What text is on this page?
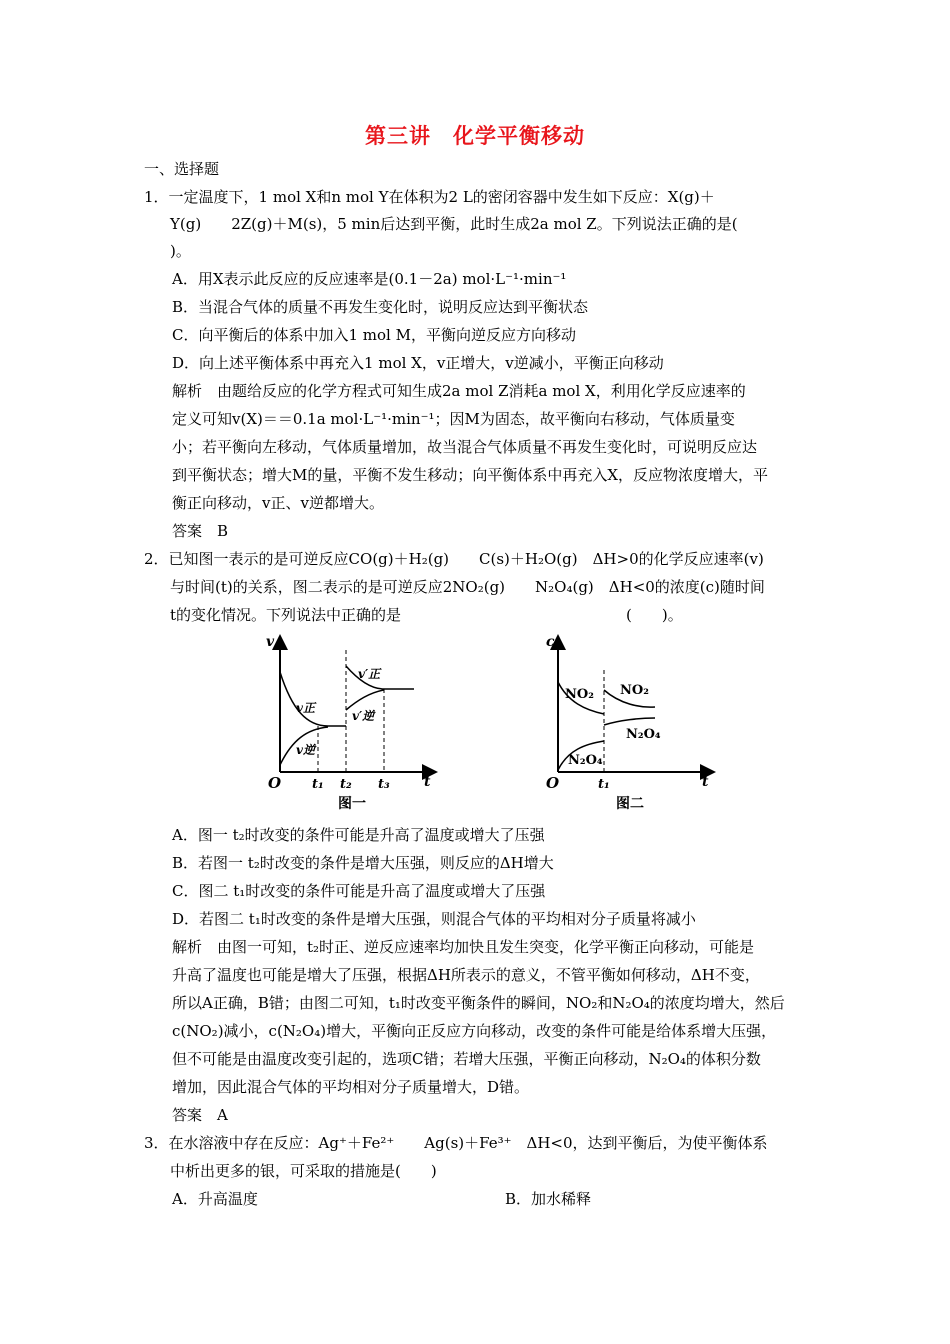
第三讲　化学平衡移动
一、选择题
1．一定温度下，1 mol X和n mol Y在体积为2 L的密闭容器中发生如下反应：X(g)＋
Y(g)　　2Z(g)＋M(s)，5 min后达到平衡，此时生成2a mol Z。下列说法正确的是(
)。
A．用X表示此反应的反应速率是(0.1－2a) mol·L⁻¹·min⁻¹
B．当混合气体的质量不再发生变化时，说明反应达到平衡状态
C．向平衡后的体系中加入1 mol M，平衡向逆反应方向移动
D．向上述平衡体系中再充入1 mol X，v正增大，v逆减小，平衡正向移动
解析　由题给反应的化学方程式可知生成2a mol Z消耗a mol X，利用化学反应速率的
定义可知v(X)＝＝0.1a mol·L⁻¹·min⁻¹；因M为固态，故平衡向右移动，气体质量变
小；若平衡向左移动，气体质量增加，故当混合气体质量不再发生变化时，可说明反应达
到平衡状态；增大M的量，平衡不发生移动；向平衡体系中再充入X，反应物浓度增大，平
衡正向移动，v正、v逆都增大。
答案　B
2．已知图一表示的是可逆反应CO(g)＋H₂(g)　　C(s)＋H₂O(g)　ΔH>0的化学反应速率(v)
与时间(t)的关系，图二表示的是可逆反应2NO₂(g)　　N₂O₄(g)　ΔH<0的浓度(c)随时间
t的变化情况。下列说法中正确的是　　　　　　　　　　　　　　　(　　)。
v
t
O t₁ t₂ t₃
v正
v逆
v′正
v′逆
图一
c
t
O	t₁
NO₂ NO₂
N₂O₄
N₂O₄
图二
A．图一 t₂时改变的条件可能是升高了温度或增大了压强
B．若图一 t₂时改变的条件是增大压强，则反应的ΔH增大
C．图二 t₁时改变的条件可能是升高了温度或增大了压强
D．若图二 t₁时改变的条件是增大压强，则混合气体的平均相对分子质量将减小
解析　由图一可知，t₂时正、逆反应速率均加快且发生突变，化学平衡正向移动，可能是
升高了温度也可能是增大了压强，根据ΔH所表示的意义，不管平衡如何移动，ΔH不变，
所以A正确，B错；由图二可知，t₁时改变平衡条件的瞬间，NO₂和N₂O₄的浓度均增大，然后
c(NO₂)减小，c(N₂O₄)增大，平衡向正反应方向移动，改变的条件可能是给体系增大压强，
但不可能是由温度改变引起的，选项C错；若增大压强，平衡正向移动，N₂O₄的体积分数
增加，因此混合气体的平均相对分子质量增大，D错。
答案　A
3．在水溶液中存在反应：Ag⁺＋Fe²⁺　　Ag(s)＋Fe³⁺　ΔH<0，达到平衡后，为使平衡体系
中析出更多的银，可采取的措施是(　　)
A．升高温度	B．加水稀释
